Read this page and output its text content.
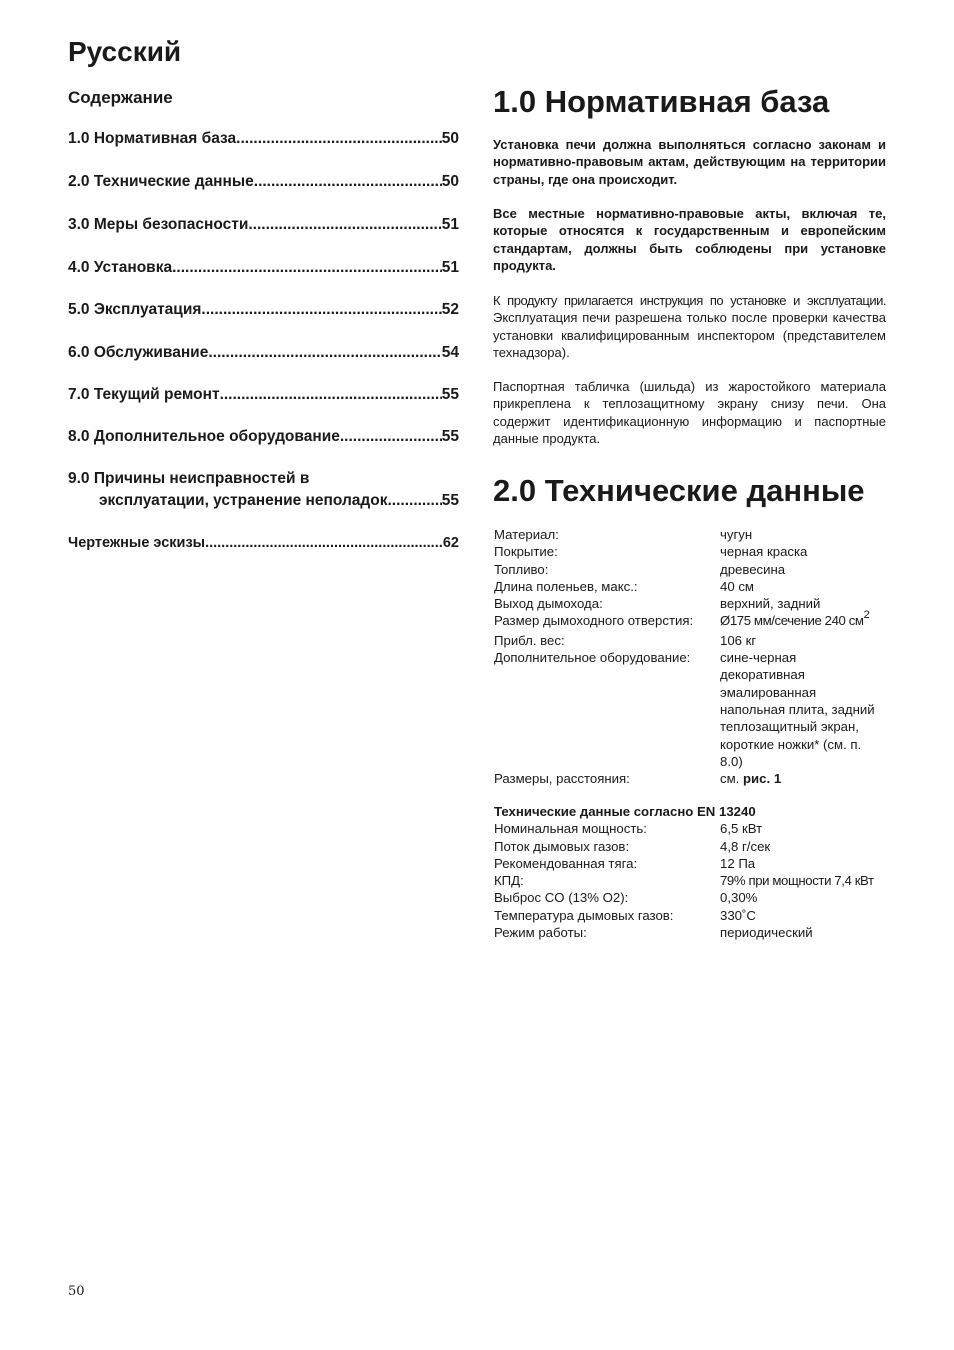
Русский
Содержание
1.0 Нормативная база .....	50
2.0 Технические данные .....	50
3.0 Меры безопасности .....	51
4.0 Установка .....	51
5.0 Эксплуатация .....	52
6.0 Обслуживание .....	54
7.0 Текущий ремонт .....	55
8.0 Дополнительное оборудование .....	55
9.0 Причины неисправностей в
эксплуатации, устранение неполадок .....	55
Чертежные эскизы .....	62
1.0 Нормативная база

Установка печи должна выполняться согласно законам и нормативно-правовым актам, действующим на территории страны, где она происходит.

Все местные нормативно-правовые акты, включая те, которые относятся к государственным и европейским стандартам, должны быть соблюдены при установке продукта.

К продукту прилагается инструкция по установке и эксплуатации. Эксплуатация печи разрешена только после проверки качества установки квалифицированным инспектором (представителем технадзора).

Паспортная табличка (шильда) из жаростойкого материала прикреплена к теплозащитному экрану снизу печи. Она содержит идентификационную информацию и паспортные данные продукта.

2.0 Технические данные
Материал:	чугун
Покрытие:	черная краска
Топливо:	древесина
Длина поленьев, макс.:	40 см
Выход дымохода:	верхний, задний
Размер дымоходного отверстия:	Ø175 мм/сечение 240 $см^2$
Прибл. вес:	106 кг
Дополнительное оборудование:	сине-черная декоративная эмалированная напольная плита, задний теплозащитный экран, короткие ножки* (см. п. 8.0)
Размеры, расстояния:	см. рис. 1
Технические данные согласно EN 13240
Номинальная мощность:	6,5 кВт
Поток дымовых газов:	4,8 г/сек
Рекомендованная тяга:	12 Па
КПД:	79% при мощности 7,4 кВт
Выброс CO (13% O2):	0,30%
Температура дымовых газов:	330˚C
Режим работы:	периодический
50
